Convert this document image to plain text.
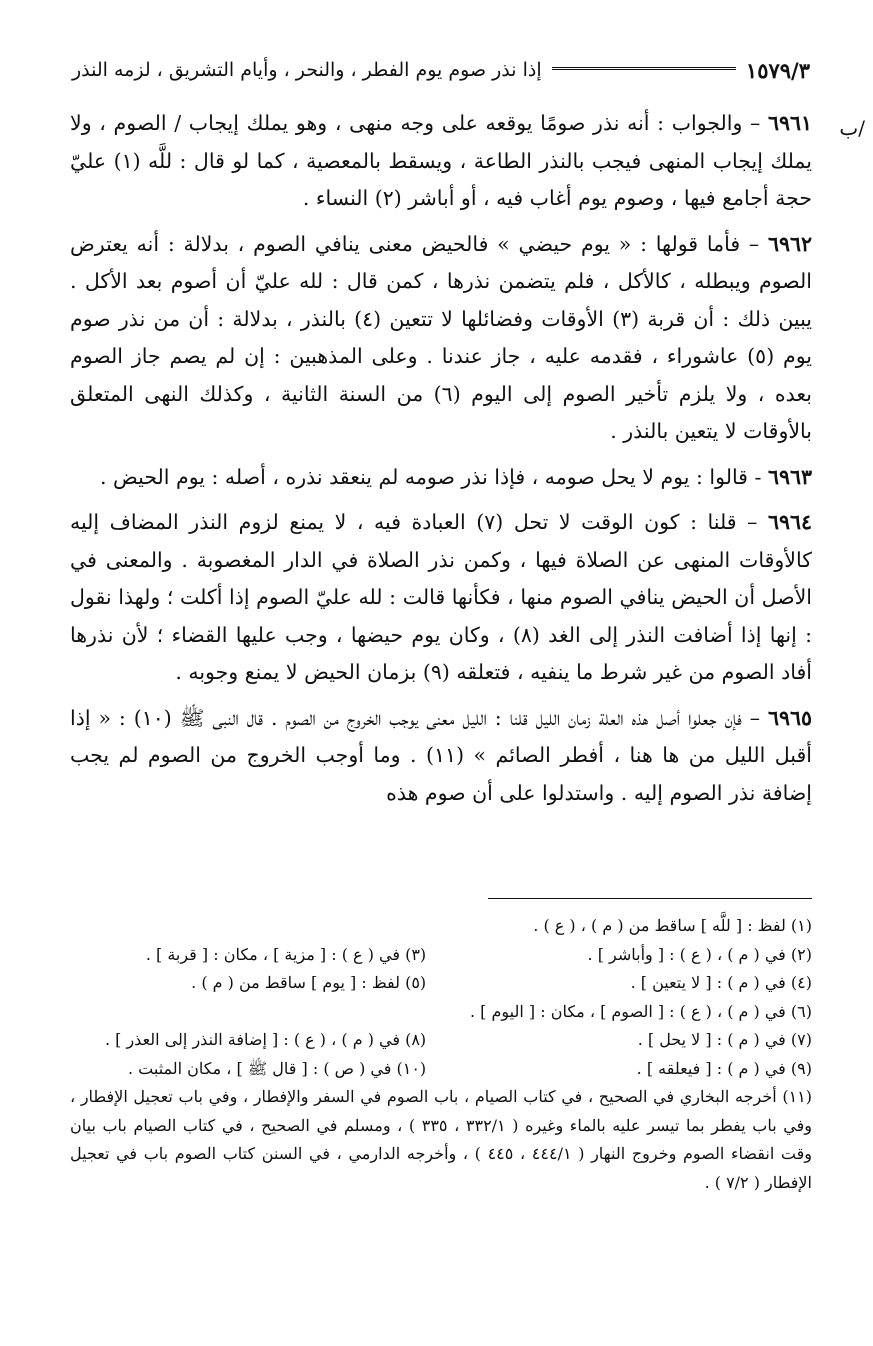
إذا نذر صوم يوم الفطر ، والنحر ، وأيام التشريق ، لزمه النذر	١٥٧٩/٣
/ب

٦٩٦١ – والجواب : أنه نذر صومًا يوقعه على وجه منهى ، وهو يملك إيجاب / الصوم ، ولا يملك إيجاب المنهى فيجب بالنذر الطاعة ، ويسقط بالمعصية ، كما لو قال : للَّه (١) عليّ حجة أجامع فيها ، وصوم يوم أغاب فيه ، أو أباشر (٢) النساء .

٦٩٦٢ – فأما قولها : « يوم حيضي » فالحيض معنى ينافي الصوم ، بدلالة : أنه يعترض الصوم ويبطله ، كالأكل ، فلم يتضمن نذرها ، كمن قال : لله عليّ أن أصوم بعد الأكل . يبين ذلك : أن قربة (٣) الأوقات وفضائلها لا تتعين (٤) بالنذر ، بدلالة : أن من نذر صوم يوم (٥) عاشوراء ، فقدمه عليه ، جاز عندنا . وعلى المذهبين : إن لم يصم جاز الصوم بعده ، ولا يلزم تأخير الصوم إلى اليوم (٦) من السنة الثانية ، وكذلك النهى المتعلق بالأوقات لا يتعين بالنذر .

٦٩٦٣ - قالوا : يوم لا يحل صومه ، فإذا نذر صومه لم ينعقد نذره ، أصله : يوم الحيض .

٦٩٦٤ – قلنا : كون الوقت لا تحل (٧) العبادة فيه ، لا يمنع لزوم النذر المضاف إليه كالأوقات المنهى عن الصلاة فيها ، وكمن نذر الصلاة في الدار المغصوبة . والمعنى في الأصل أن الحيض ينافي الصوم منها ، فكأنها قالت : لله عليّ الصوم إذا أكلت ؛ ولهذا نقول : إنها إذا أضافت النذر إلى الغد (٨) ، وكان يوم حيضها ، وجب عليها القضاء ؛ لأن نذرها أفاد الصوم من غير شرط ما ينفيه ، فتعلقه (٩) بزمان الحيض لا يمنع وجوبه .

٦٩٦٥ – فإن جعلوا أصل هذه العلة زمان الليل قلنا : الليل معنى يوجب الخروج من الصوم . قال النبى ﷺ (١٠) : « إذا أقبل الليل من ها هنا ، أفطر الصائم » (١١) . وما أوجب الخروج من الصوم لم يجب إضافة نذر الصوم إليه . واستدلوا على أن صوم هذه

(١) لفظ : [ للَّه ] ساقط من ( م ) ، ( ع ) .
(٢) في ( م ) ، ( ع ) : [ وأباشر ] .
(٣) في ( ع ) : [ مزية ] ، مكان : [ قربة ] .
(٤) في ( م ) : [ لا يتعين ] .
(٥) لفظ : [ يوم ] ساقط من ( م ) .
(٦) في ( م ) ، ( ع ) : [ الصوم ] ، مكان : [ اليوم ] .
(٧) في ( م ) : [ لا يحل ] .
(٨) في ( م ) ، ( ع ) : [ إضافة النذر إلى العذر ] .
(٩) في ( م ) : [ فيعلقه ] .
(١٠) في ( ص ) : [ قال ﷺ ] ، مكان المثبت .
(١١) أخرجه البخاري في الصحيح ، في كتاب الصيام ، باب الصوم في السفر والإفطار ، وفي باب تعجيل الإفطار ، وفي باب يفطر بما تيسر عليه بالماء وغيره ( ٣٣٢/١ ، ٣٣٥ ) ، ومسلم في الصحيح ، في كتاب الصيام باب بيان وقت انقضاء الصوم وخروج النهار ( ٤٤٤/١ ، ٤٤٥ ) ، وأخرجه الدارمي ، في السنن كتاب الصوم باب في تعجيل الإفطار ( ٧/٢ ) .
